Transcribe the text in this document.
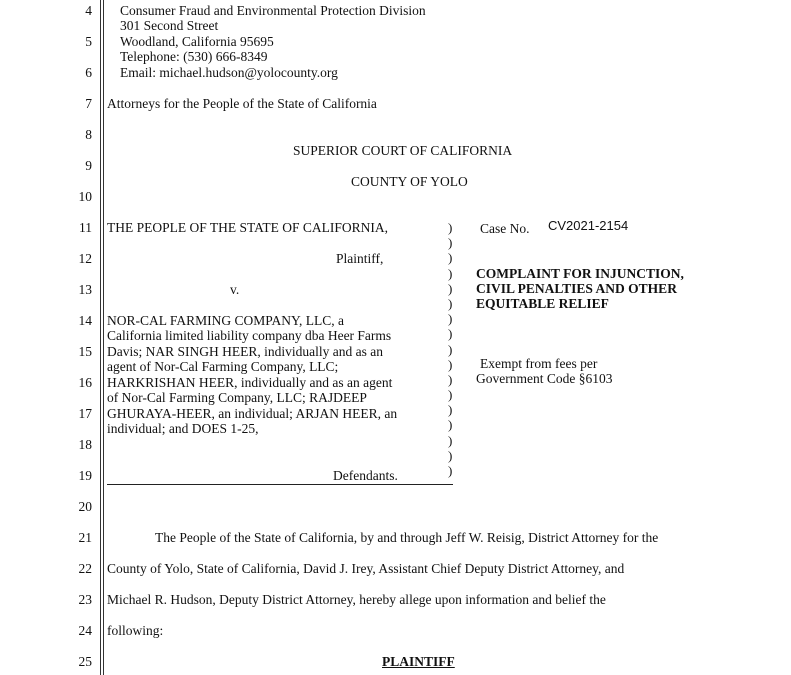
4
5
6
7
8
9
10
11
12
13
14
15
16
17
18
19
20
21
22
23
24
25
Consumer Fraud and Environmental Protection Division
301 Second Street
Woodland, California 95695
Telephone: (530) 666-8349
Email: michael.hudson@yolocounty.org
Attorneys for the People of the State of California
SUPERIOR COURT OF CALIFORNIA
COUNTY OF YOLO
THE PEOPLE OF THE STATE OF CALIFORNIA,
Plaintiff,
v.
NOR-CAL FARMING COMPANY, LLC, a
California limited liability company dba Heer Farms
Davis; NAR SINGH HEER, individually and as an
agent of Nor-Cal Farming Company, LLC;
HARKRISHAN HEER, individually and as an agent
of Nor-Cal Farming Company, LLC; RAJDEEP
GHURAYA-HEER, an individual; ARJAN HEER, an
individual; and DOES 1-25,
Defendants.
)
)
)
)
)
)
)
)
)
)
)
)
)
)
)
)
)
Case No. CV2021-2154
COMPLAINT FOR INJUNCTION,
CIVIL PENALTIES AND OTHER
EQUITABLE RELIEF
Exempt from fees per
Government Code §6103
The People of the State of California, by and through Jeff W. Reisig, District Attorney for the
County of Yolo, State of California, David J. Irey, Assistant Chief Deputy District Attorney, and
Michael R. Hudson, Deputy District Attorney, hereby allege upon information and belief the
following:
PLAINTIFF
